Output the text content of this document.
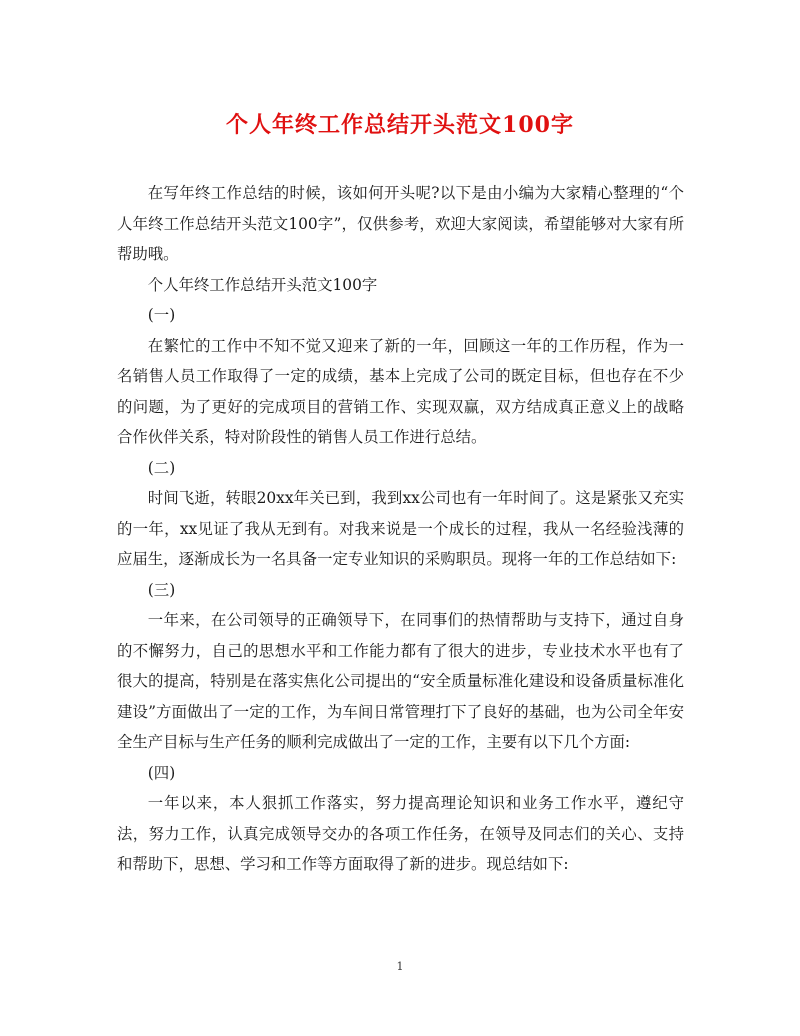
个人年终工作总结开头范文100字

在写年终工作总结的时候，该如何开头呢?以下是由小编为大家精心整理的“个人年终工作总结开头范文100字”，仅供参考，欢迎大家阅读，希望能够对大家有所帮助哦。

个人年终工作总结开头范文100字

(一)

在繁忙的工作中不知不觉又迎来了新的一年，回顾这一年的工作历程，作为一名销售人员工作取得了一定的成绩，基本上完成了公司的既定目标，但也存在不少的问题，为了更好的完成项目的营销工作、实现双赢，双方结成真正意义上的战略合作伙伴关系，特对阶段性的销售人员工作进行总结。

(二)

时间飞逝，转眼20xx年关已到，我到xx公司也有一年时间了。这是紧张又充实的一年，xx见证了我从无到有。对我来说是一个成长的过程，我从一名经验浅薄的应届生，逐渐成长为一名具备一定专业知识的采购职员。现将一年的工作总结如下:

(三)

一年来，在公司领导的正确领导下，在同事们的热情帮助与支持下，通过自身的不懈努力，自己的思想水平和工作能力都有了很大的进步，专业技术水平也有了很大的提高，特别是在落实焦化公司提出的“安全质量标准化建设和设备质量标准化建设”方面做出了一定的工作，为车间日常管理打下了良好的基础，也为公司全年安全生产目标与生产任务的顺利完成做出了一定的工作，主要有以下几个方面:

(四)

一年以来，本人狠抓工作落实，努力提高理论知识和业务工作水平，遵纪守法，努力工作，认真完成领导交办的各项工作任务，在领导及同志们的关心、支持和帮助下，思想、学习和工作等方面取得了新的进步。现总结如下:

1
